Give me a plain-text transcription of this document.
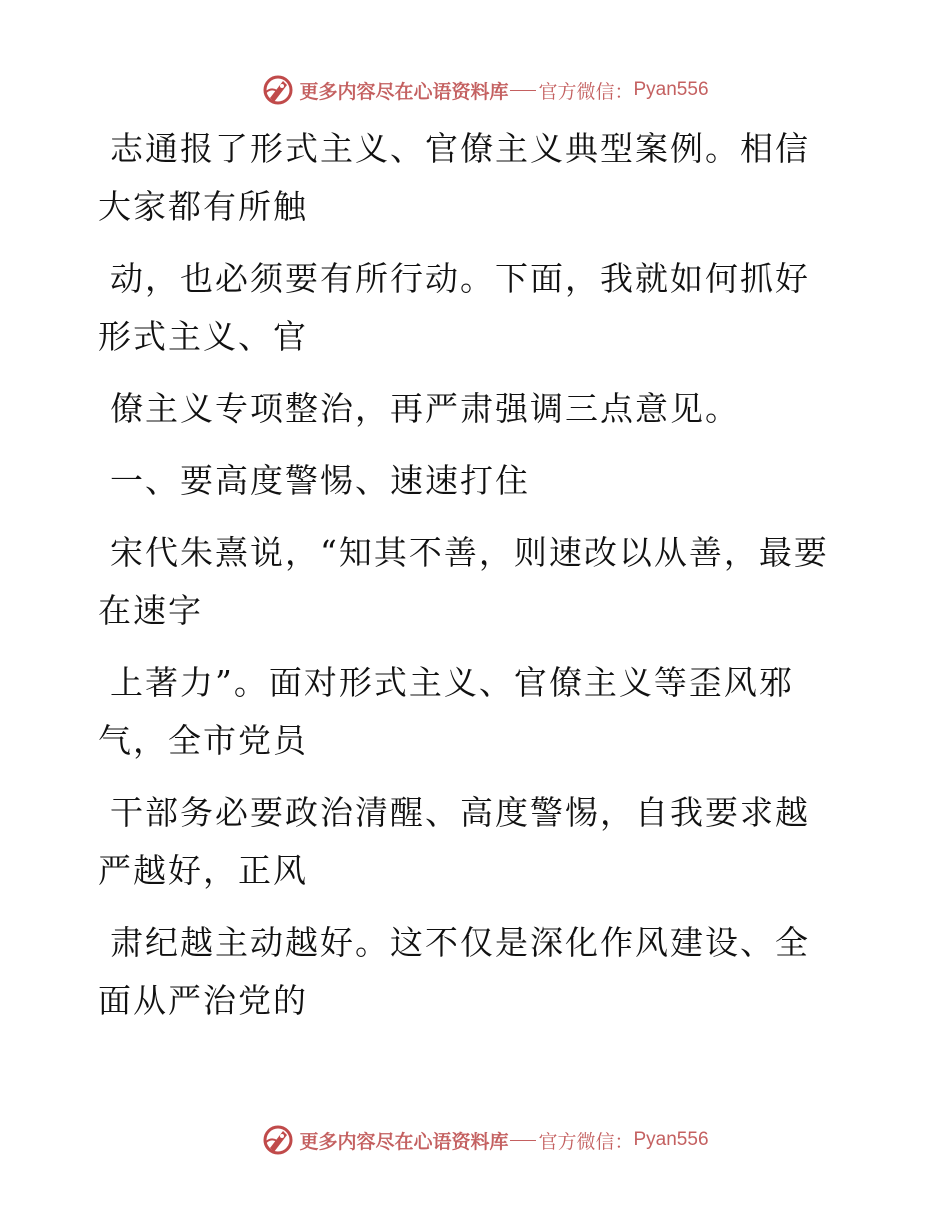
更多内容尽在心语资料库 官方微信： Pyan556

志通报了形式主义、官僚主义典型案例。相信大家都有所触

动，也必须要有所行动。下面，我就如何抓好形式主义、官

僚主义专项整治，再严肃强调三点意见。

一、要高度警惕、速速打住

宋代朱熹说，“知其不善，则速改以从善，最要在速字

上著力”。面对形式主义、官僚主义等歪风邪气，全市党员

干部务必要政治清醒、高度警惕，自我要求越严越好，正风

肃纪越主动越好。这不仅是深化作风建设、全面从严治党的

更多内容尽在心语资料库 官方微信： Pyan556
